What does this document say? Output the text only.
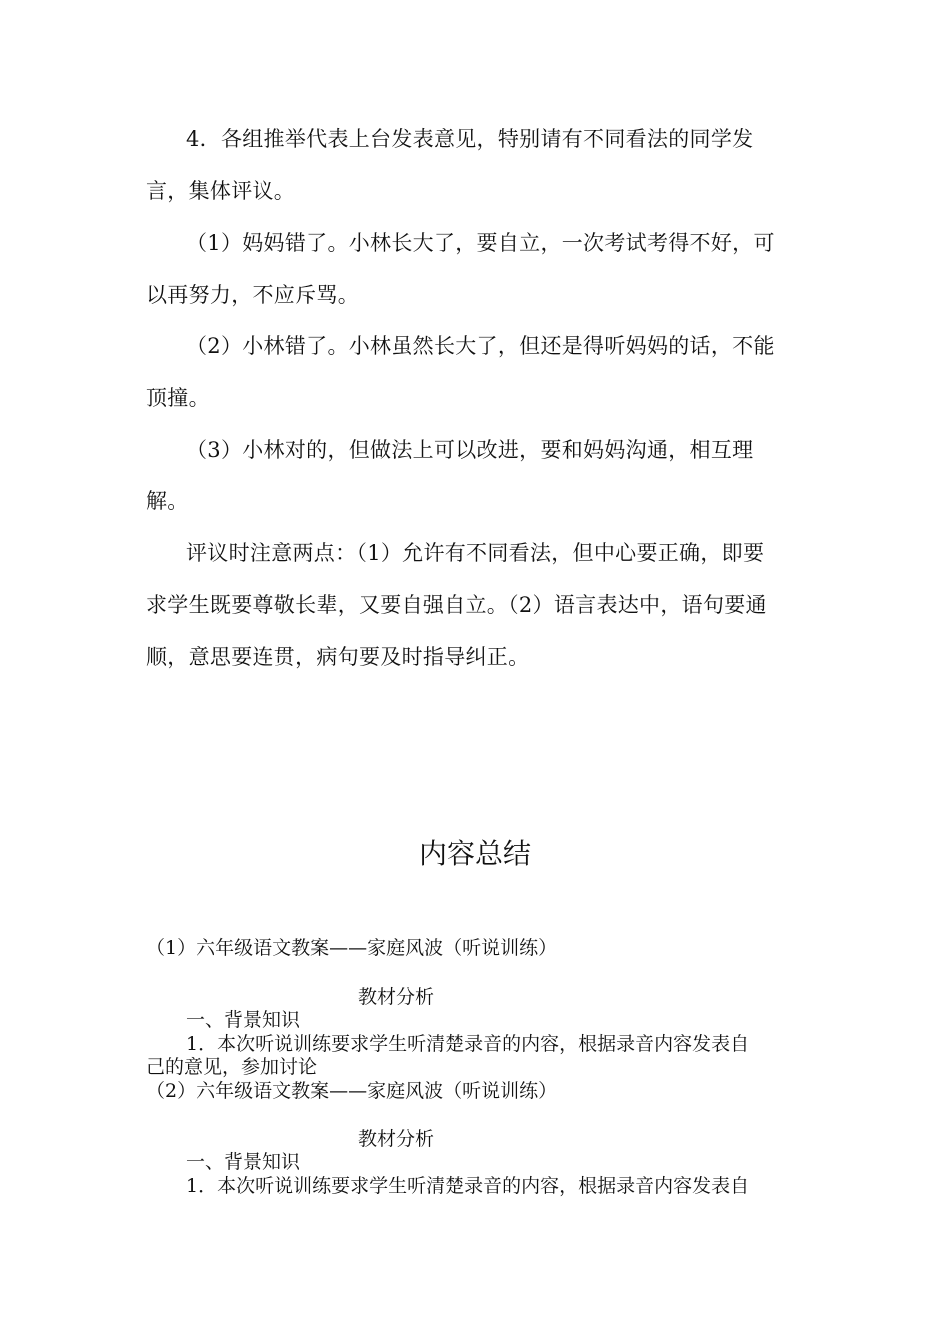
4．各组推举代表上台发表意见，特别请有不同看法的同学发
言，集体评议。
（1）妈妈错了。小林长大了，要自立，一次考试考得不好，可
以再努力，不应斥骂。
（2）小林错了。小林虽然长大了，但还是得听妈妈的话，不能
顶撞。
（3）小林对的，但做法上可以改进，要和妈妈沟通，相互理
解。
评议时注意两点：（1）允许有不同看法，但中心要正确，即要
求学生既要尊敬长辈，又要自强自立。（2）语言表达中，语句要通
顺，意思要连贯，病句要及时指导纠正。
内容总结
（1）六年级语文教案——家庭风波（听说训练）
教材分析
一、背景知识
1．本次听说训练要求学生听清楚录音的内容，根据录音内容发表自
己的意见，参加讨论
（2）六年级语文教案——家庭风波（听说训练）
教材分析
一、背景知识
1．本次听说训练要求学生听清楚录音的内容，根据录音内容发表自
